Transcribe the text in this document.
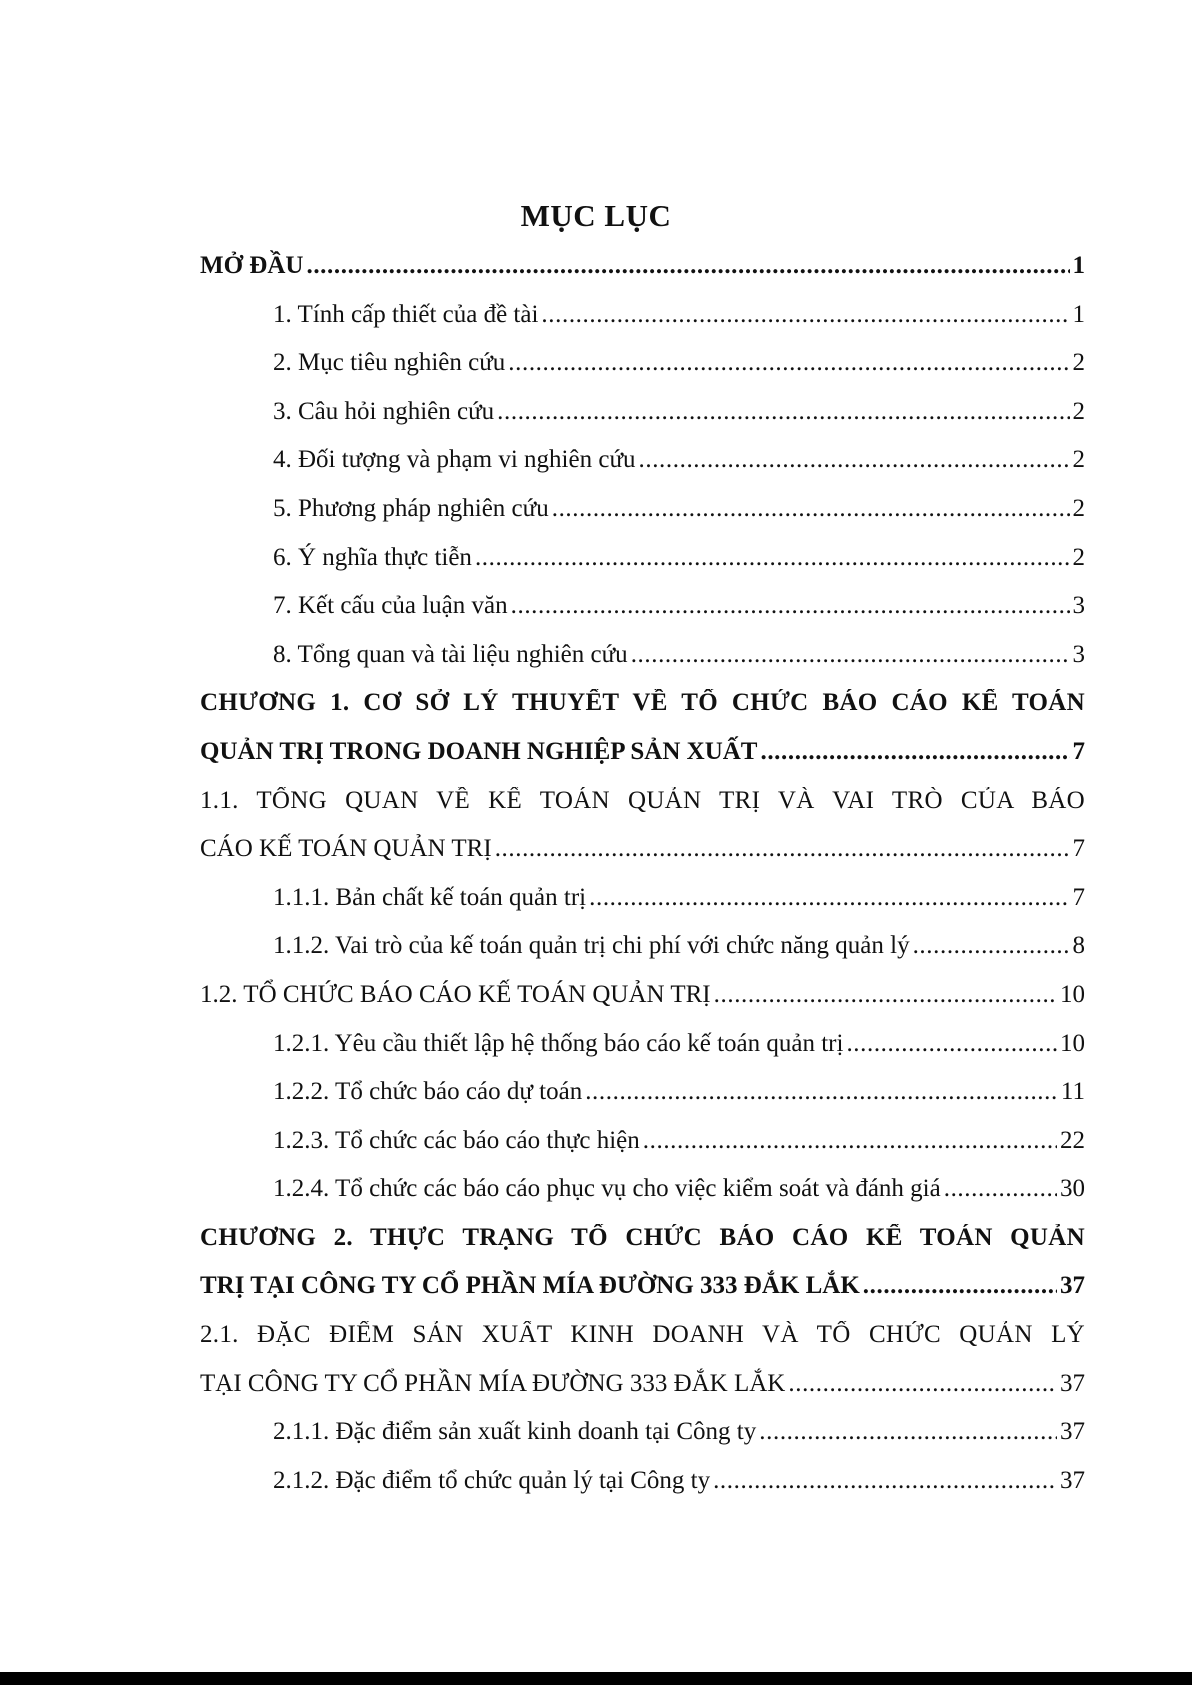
MỤC LỤC
MỞ ĐẦU .....	1
1. Tính cấp thiết của đề tài .....	1
2. Mục tiêu nghiên cứu .....	2
3. Câu hỏi nghiên cứu .....	2
4. Đối tượng và phạm vi nghiên cứu .....	2
5. Phương pháp nghiên cứu .....	2
6. Ý nghĩa thực tiễn .....	2
7. Kết cấu của luận văn .....	3
8. Tổng quan và tài liệu nghiên cứu .....	3
CHƯƠNG 1. CƠ SỞ LÝ THUYẾT VỀ TỔ CHỨC BÁO CÁO KẾ TOÁN
QUẢN TRỊ TRONG DOANH NGHIỆP SẢN XUẤT .....	7
1.1. TỔNG QUAN VỀ KẾ TOÁN QUẢN TRỊ VÀ VAI TRÒ CỦA BÁO
CÁO KẾ TOÁN QUẢN TRỊ .....	7
1.1.1. Bản chất kế toán quản trị .....	7
1.1.2. Vai trò của kế toán quản trị chi phí với chức năng quản lý .....	8
1.2. TỔ CHỨC BÁO CÁO KẾ TOÁN QUẢN TRỊ .....	10
1.2.1. Yêu cầu thiết lập hệ thống báo cáo kế toán quản trị .....	10
1.2.2. Tổ chức báo cáo dự toán .....	11
1.2.3. Tổ chức các báo cáo thực hiện .....	22
1.2.4. Tổ chức các báo cáo phục vụ cho việc kiểm soát và đánh giá .....	30
CHƯƠNG 2. THỰC TRẠNG TỔ CHỨC BÁO CÁO KẾ TOÁN QUẢN
TRỊ TẠI CÔNG TY CỔ PHẦN MÍA ĐƯỜNG 333 ĐẮK LẮK .....	37
2.1. ĐẶC ĐIỂM SẢN XUẤT KINH DOANH VÀ TỔ CHỨC QUẢN LÝ
TẠI CÔNG TY CỔ PHẦN MÍA ĐƯỜNG 333 ĐẮK LẮK .....	37
2.1.1. Đặc điểm sản xuất kinh doanh tại Công ty .....	37
2.1.2. Đặc điểm tổ chức quản lý tại Công ty .....	37
